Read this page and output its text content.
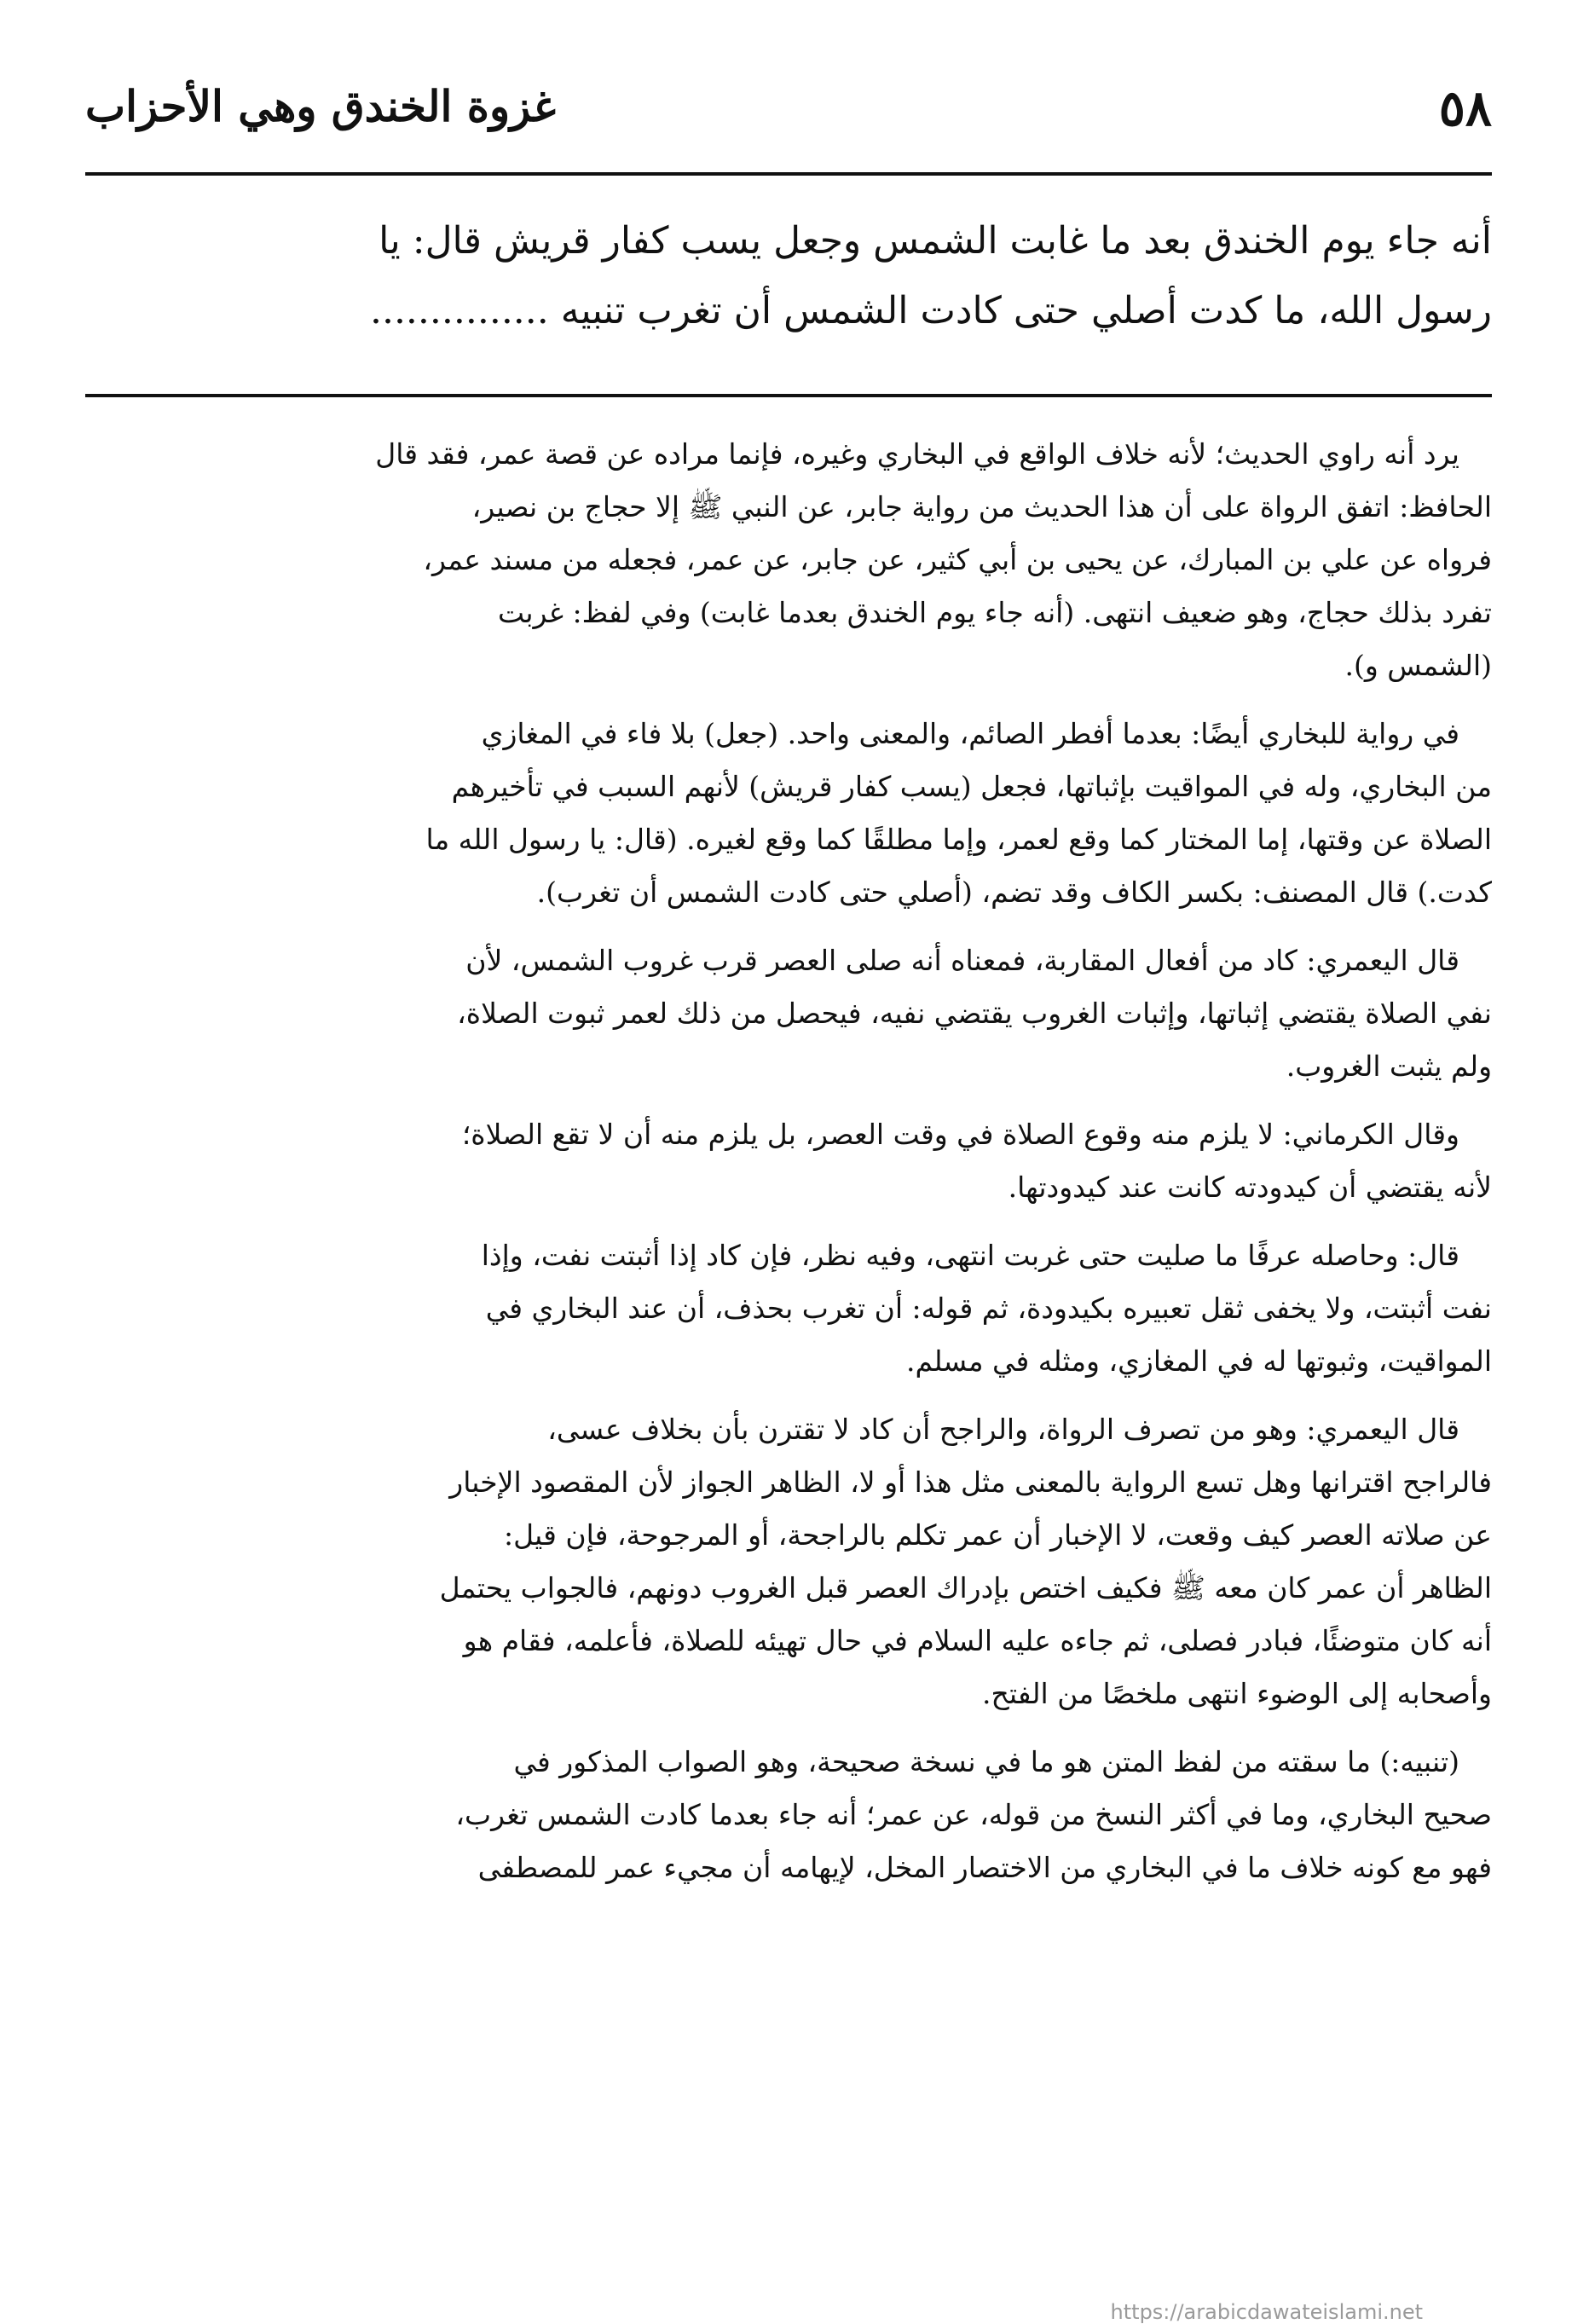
٥٨
غزوة الخندق وهي الأحزاب
أنه جاء يوم الخندق بعد ما غابت الشمس وجعل يسب كفار قريش قال: يا
رسول الله، ما كدت أصلي حتى كادت الشمس أن تغرب تنبيه ...............
يرد أنه راوي الحديث؛ لأنه خلاف الواقع في البخاري وغيره، فإنما مراده عن قصة عمر، فقد قال
الحافظ: اتفق الرواة على أن هذا الحديث من رواية جابر، عن النبي ﷺ إلا حجاج بن نصير،
فرواه عن علي بن المبارك، عن يحيى بن أبي كثير، عن جابر، عن عمر، فجعله من مسند عمر،
تفرد بذلك حجاج، وهو ضعيف انتهى. (أنه جاء يوم الخندق بعدما غابت) وفي لفظ: غربت
(الشمس و).
في رواية للبخاري أيضًا: بعدما أفطر الصائم، والمعنى واحد. (جعل) بلا فاء في المغازي
من البخاري، وله في المواقيت بإثباتها، فجعل (يسب كفار قريش) لأنهم السبب في تأخيرهم
الصلاة عن وقتها، إما المختار كما وقع لعمر، وإما مطلقًا كما وقع لغيره. (قال: يا رسول الله ما
كدت.) قال المصنف: بكسر الكاف وقد تضم، (أصلي حتى كادت الشمس أن تغرب).
قال اليعمري: كاد من أفعال المقاربة، فمعناه أنه صلى العصر قرب غروب الشمس، لأن
نفي الصلاة يقتضي إثباتها، وإثبات الغروب يقتضي نفيه، فيحصل من ذلك لعمر ثبوت الصلاة،
ولم يثبت الغروب.
وقال الكرماني: لا يلزم منه وقوع الصلاة في وقت العصر، بل يلزم منه أن لا تقع الصلاة؛
لأنه يقتضي أن كيدودته كانت عند كيدودتها.
قال: وحاصله عرفًا ما صليت حتى غربت انتهى، وفيه نظر، فإن كاد إذا أثبتت نفت، وإذا
نفت أثبتت، ولا يخفى ثقل تعبيره بكيدودة، ثم قوله: أن تغرب بحذف، أن عند البخاري في
المواقيت، وثبوتها له في المغازي، ومثله في مسلم.
قال اليعمري: وهو من تصرف الرواة، والراجح أن كاد لا تقترن بأن بخلاف عسى،
فالراجح اقترانها وهل تسع الرواية بالمعنى مثل هذا أو لا، الظاهر الجواز لأن المقصود الإخبار
عن صلاته العصر كيف وقعت، لا الإخبار أن عمر تكلم بالراجحة، أو المرجوحة، فإن قيل:
الظاهر أن عمر كان معه ﷺ فكيف اختص بإدراك العصر قبل الغروب دونهم، فالجواب يحتمل
أنه كان متوضئًا، فبادر فصلى، ثم جاءه عليه السلام في حال تهيئه للصلاة، فأعلمه، فقام هو
وأصحابه إلى الوضوء انتهى ملخصًا من الفتح.
(تنبيه:) ما سقته من لفظ المتن هو ما في نسخة صحيحة، وهو الصواب المذكور في
صحيح البخاري، وما في أكثر النسخ من قوله، عن عمر؛ أنه جاء بعدما كادت الشمس تغرب،
فهو مع كونه خلاف ما في البخاري من الاختصار المخل، لإيهامه أن مجيء عمر للمصطفى
https://arabicdawateislami.net
